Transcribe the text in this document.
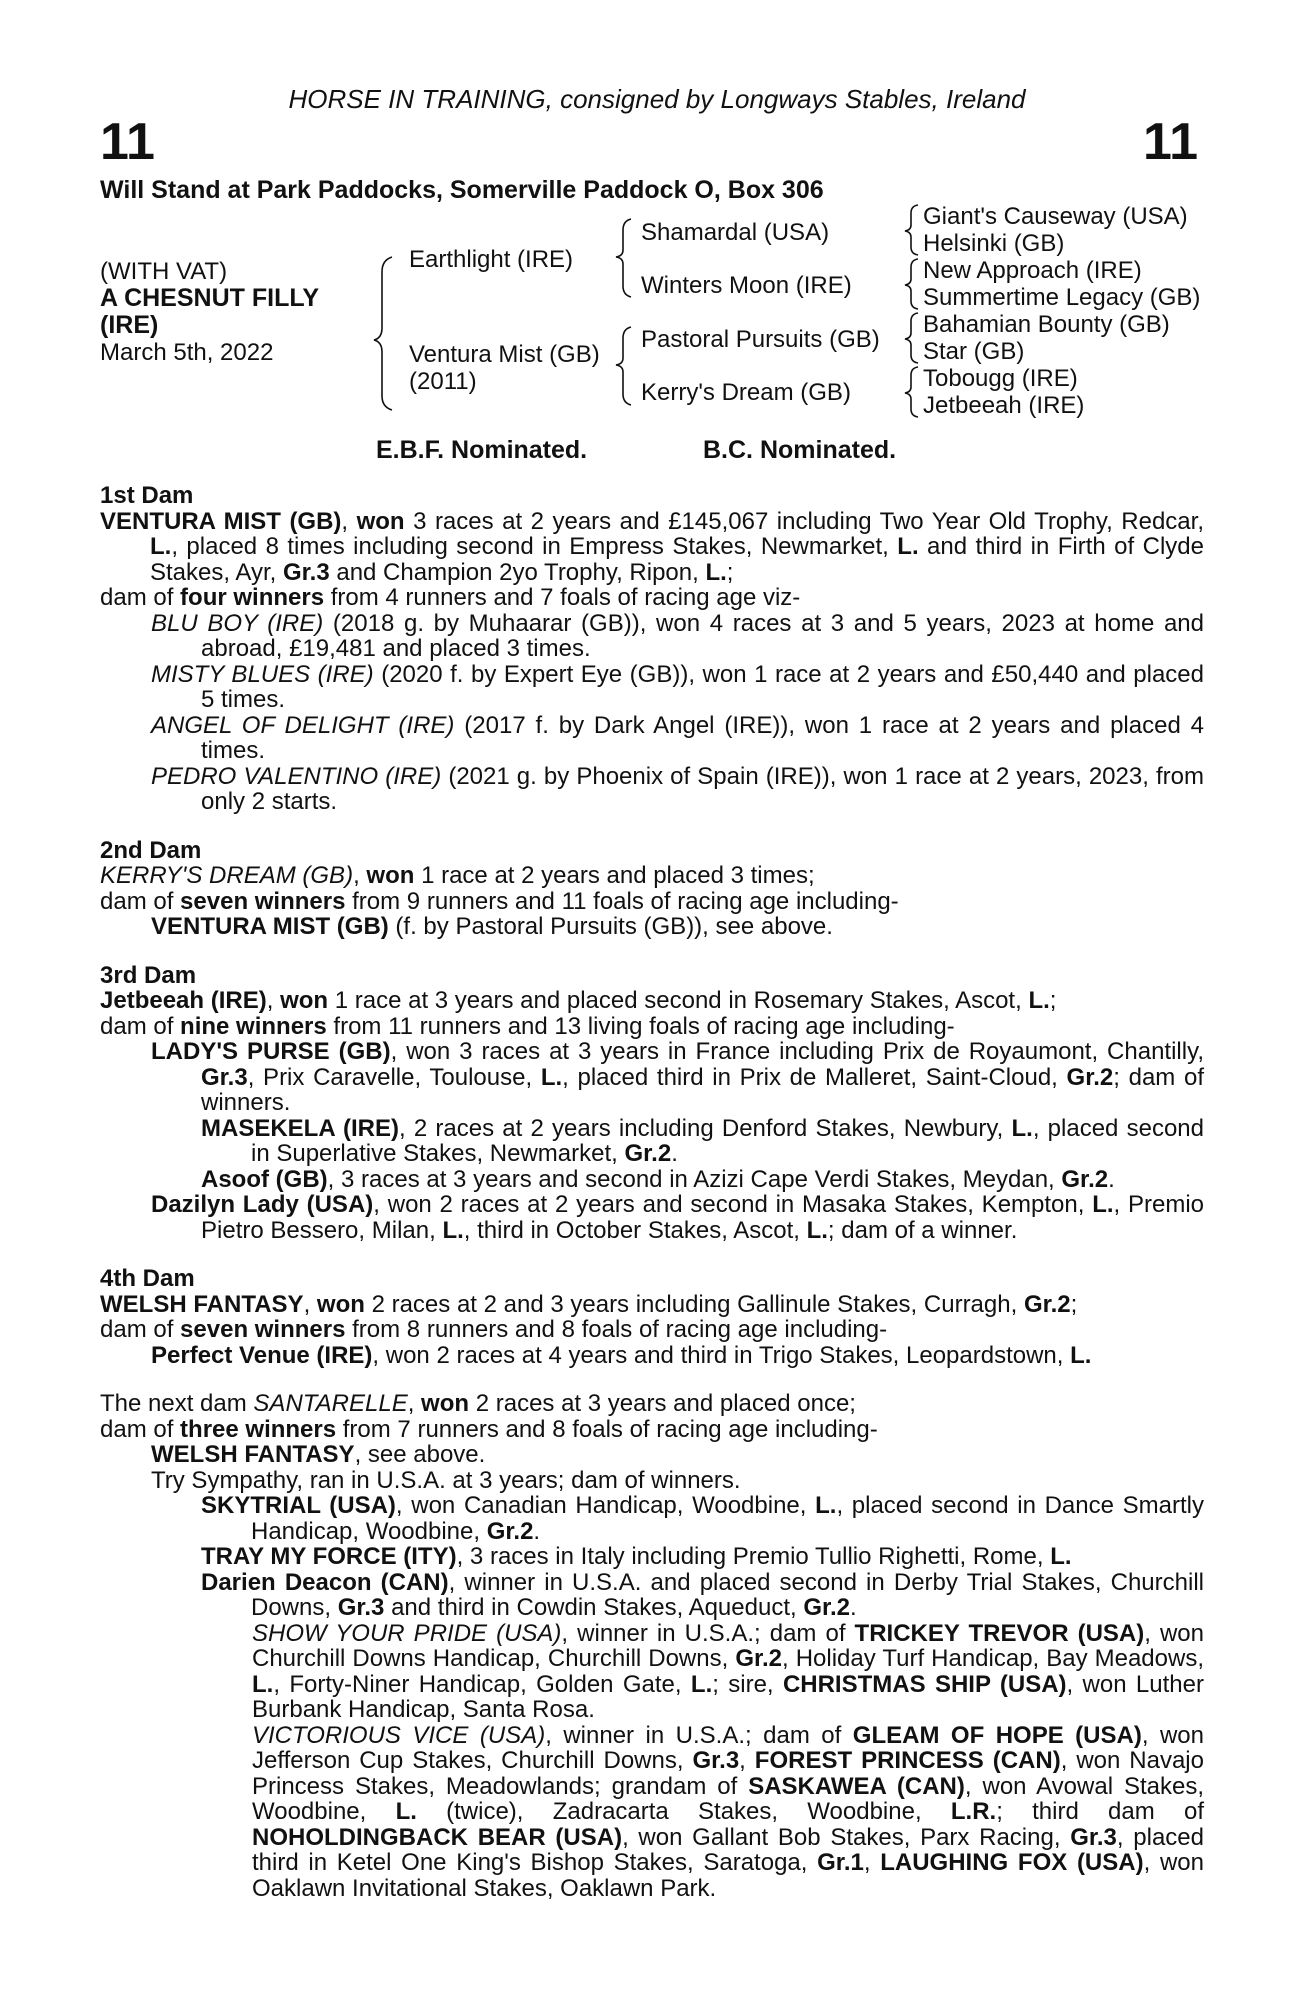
HORSE IN TRAINING, consigned by Longways Stables, Ireland
11	11
Will Stand at Park Paddocks, Somerville Paddock O, Box 306
(WITH VAT)
A CHESNUT FILLY
(IRE)
March 5th, 2022
Earthlight (IRE)
Ventura Mist (GB)
(2011)
Shamardal (USA)
Winters Moon (IRE)
Pastoral Pursuits (GB)
Kerry's Dream (GB)
Giant's Causeway (USA)
Helsinki (GB)
New Approach (IRE)
Summertime Legacy (GB)
Bahamian Bounty (GB)
Star (GB)
Tobougg (IRE)
Jetbeeah (IRE)
E.B.F. Nominated.	B.C. Nominated.

1st Dam

VENTURA MIST (GB), won 3 races at 2 years and £145,067 including Two Year Old Trophy, Redcar, L., placed 8 times including second in Empress Stakes, Newmarket, L. and third in Firth of Clyde Stakes, Ayr, Gr.3 and Champion 2yo Trophy, Ripon, L.;

dam of four winners from 4 runners and 7 foals of racing age viz-

BLU BOY (IRE) (2018 g. by Muhaarar (GB)), won 4 races at 3 and 5 years, 2023 at home and abroad, £19,481 and placed 3 times.

MISTY BLUES (IRE) (2020 f. by Expert Eye (GB)), won 1 race at 2 years and £50,440 and placed 5 times.

ANGEL OF DELIGHT (IRE) (2017 f. by Dark Angel (IRE)), won 1 race at 2 years and placed 4 times.

PEDRO VALENTINO (IRE) (2021 g. by Phoenix of Spain (IRE)), won 1 race at 2 years, 2023, from only 2 starts.

2nd Dam

KERRY'S DREAM (GB), won 1 race at 2 years and placed 3 times;

dam of seven winners from 9 runners and 11 foals of racing age including-

VENTURA MIST (GB) (f. by Pastoral Pursuits (GB)), see above.

3rd Dam

Jetbeeah (IRE), won 1 race at 3 years and placed second in Rosemary Stakes, Ascot, L.;

dam of nine winners from 11 runners and 13 living foals of racing age including-

LADY'S PURSE (GB), won 3 races at 3 years in France including Prix de Royaumont, Chantilly, Gr.3, Prix Caravelle, Toulouse, L., placed third in Prix de Malleret, Saint-Cloud, Gr.2; dam of winners.

MASEKELA (IRE), 2 races at 2 years including Denford Stakes, Newbury, L., placed second in Superlative Stakes, Newmarket, Gr.2.

Asoof (GB), 3 races at 3 years and second in Azizi Cape Verdi Stakes, Meydan, Gr.2.

Dazilyn Lady (USA), won 2 races at 2 years and second in Masaka Stakes, Kempton, L., Premio Pietro Bessero, Milan, L., third in October Stakes, Ascot, L.; dam of a winner.

4th Dam

WELSH FANTASY, won 2 races at 2 and 3 years including Gallinule Stakes, Curragh, Gr.2;

dam of seven winners from 8 runners and 8 foals of racing age including-

Perfect Venue (IRE), won 2 races at 4 years and third in Trigo Stakes, Leopardstown, L.

The next dam SANTARELLE, won 2 races at 3 years and placed once;

dam of three winners from 7 runners and 8 foals of racing age including-

WELSH FANTASY, see above.

Try Sympathy, ran in U.S.A. at 3 years; dam of winners.

SKYTRIAL (USA), won Canadian Handicap, Woodbine, L., placed second in Dance Smartly Handicap, Woodbine, Gr.2.

TRAY MY FORCE (ITY), 3 races in Italy including Premio Tullio Righetti, Rome, L.

Darien Deacon (CAN), winner in U.S.A. and placed second in Derby Trial Stakes, Churchill Downs, Gr.3 and third in Cowdin Stakes, Aqueduct, Gr.2.

SHOW YOUR PRIDE (USA), winner in U.S.A.; dam of TRICKEY TREVOR (USA), won Churchill Downs Handicap, Churchill Downs, Gr.2, Holiday Turf Handicap, Bay Meadows, L., Forty-Niner Handicap, Golden Gate, L.; sire, CHRISTMAS SHIP (USA), won Luther Burbank Handicap, Santa Rosa.

VICTORIOUS VICE (USA), winner in U.S.A.; dam of GLEAM OF HOPE (USA), won Jefferson Cup Stakes, Churchill Downs, Gr.3, FOREST PRINCESS (CAN), won Navajo Princess Stakes, Meadowlands; grandam of SASKAWEA (CAN), won Avowal Stakes, Woodbine, L. (twice), Zadracarta Stakes, Woodbine, L.R.; third dam of NOHOLDINGBACK BEAR (USA), won Gallant Bob Stakes, Parx Racing, Gr.3, placed third in Ketel One King's Bishop Stakes, Saratoga, Gr.1, LAUGHING FOX (USA), won Oaklawn Invitational Stakes, Oaklawn Park.
